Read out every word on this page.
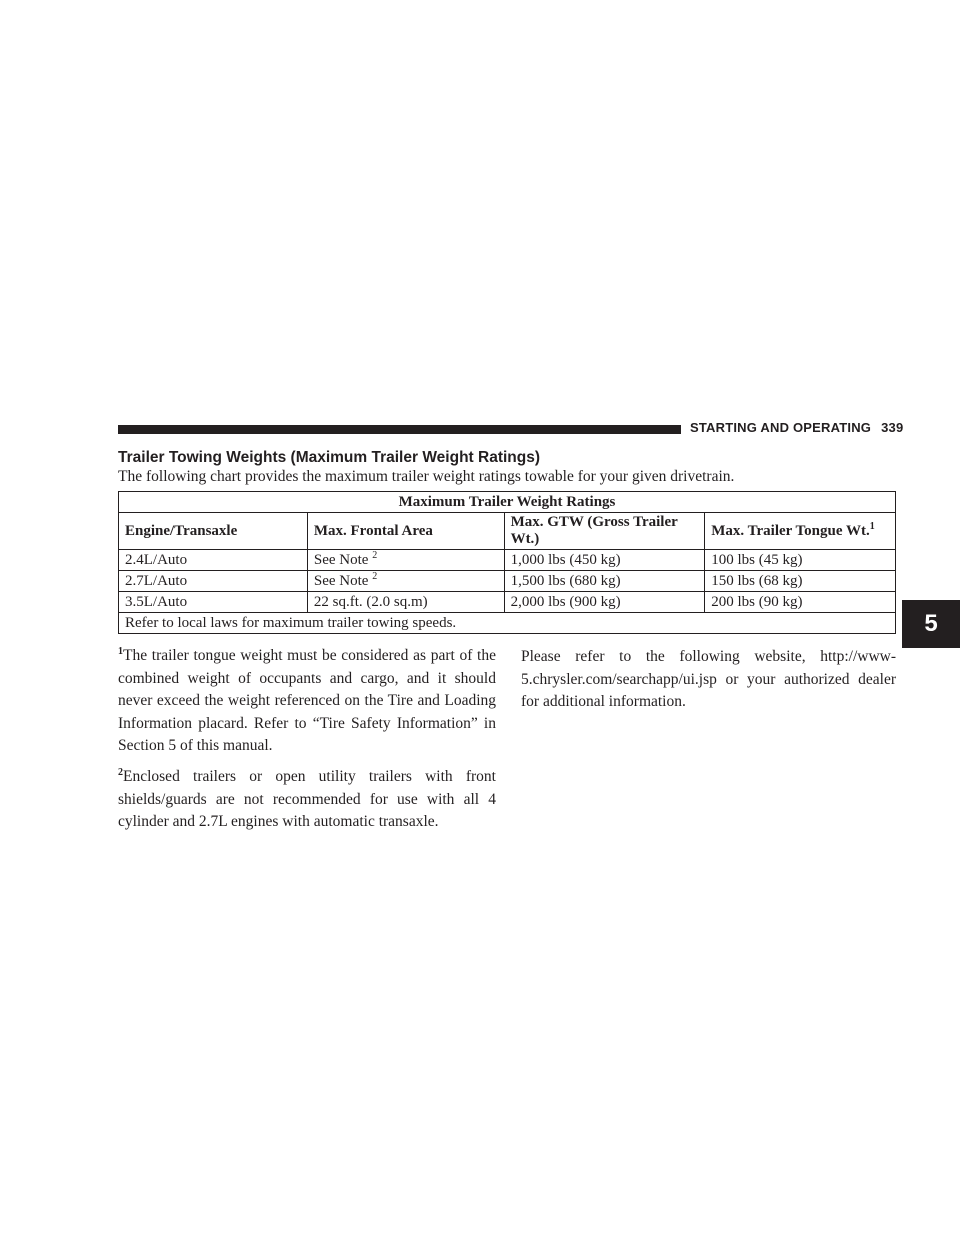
STARTING AND OPERATING 339
5
Trailer Towing Weights (Maximum Trailer Weight Ratings)
The following chart provides the maximum trailer weight ratings towable for your given drivetrain.
Maximum Trailer Weight Ratings			
Engine/Transaxle	Max. Frontal Area	Max. GTW (Gross Trailer Wt.)	Max. Trailer Tongue Wt.$^1$
2.4L/Auto	See Note $^2$	1,000 lbs (450 kg)	100 lbs (45 kg)
2.7L/Auto	See Note $^2$	1,500 lbs (680 kg)	150 lbs (68 kg)
3.5L/Auto	22 sq.ft. (2.0 sq.m)	2,000 lbs (900 kg)	200 lbs (90 kg)
Refer to local laws for maximum trailer towing speeds.			

$^1$The trailer tongue weight must be considered as part of the combined weight of occupants and cargo, and it should never exceed the weight referenced on the Tire and Loading Information placard. Refer to “Tire Safety Information” in Section 5 of this manual.

$^2$Enclosed trailers or open utility trailers with front shields/guards are not recommended for use with all 4 cylinder and 2.7L engines with automatic transaxle.

Please refer to the following website, http://www-5.chrysler.com/searchapp/ui.jsp or your authorized dealer for additional information.
